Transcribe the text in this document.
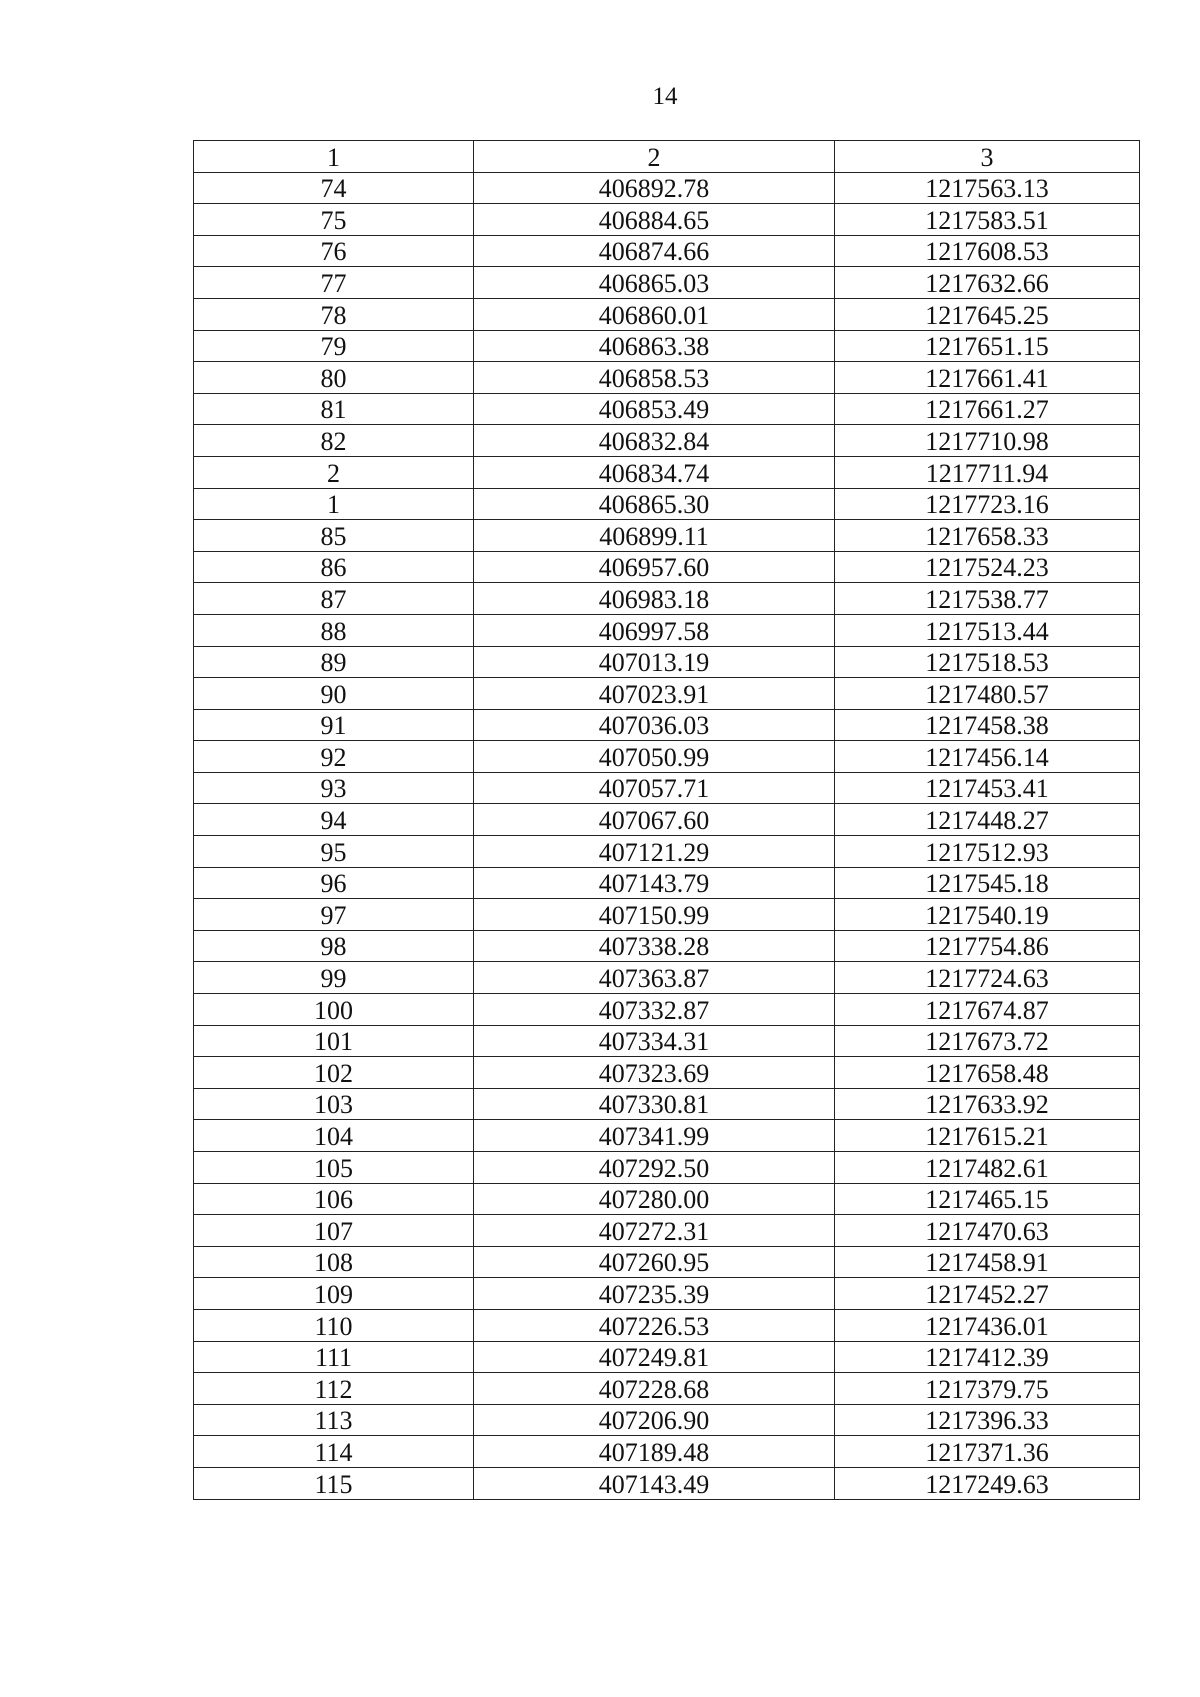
14
1	2	3
74	406892.78	1217563.13
75	406884.65	1217583.51
76	406874.66	1217608.53
77	406865.03	1217632.66
78	406860.01	1217645.25
79	406863.38	1217651.15
80	406858.53	1217661.41
81	406853.49	1217661.27
82	406832.84	1217710.98
2	406834.74	1217711.94
1	406865.30	1217723.16
85	406899.11	1217658.33
86	406957.60	1217524.23
87	406983.18	1217538.77
88	406997.58	1217513.44
89	407013.19	1217518.53
90	407023.91	1217480.57
91	407036.03	1217458.38
92	407050.99	1217456.14
93	407057.71	1217453.41
94	407067.60	1217448.27
95	407121.29	1217512.93
96	407143.79	1217545.18
97	407150.99	1217540.19
98	407338.28	1217754.86
99	407363.87	1217724.63
100	407332.87	1217674.87
101	407334.31	1217673.72
102	407323.69	1217658.48
103	407330.81	1217633.92
104	407341.99	1217615.21
105	407292.50	1217482.61
106	407280.00	1217465.15
107	407272.31	1217470.63
108	407260.95	1217458.91
109	407235.39	1217452.27
110	407226.53	1217436.01
111	407249.81	1217412.39
112	407228.68	1217379.75
113	407206.90	1217396.33
114	407189.48	1217371.36
115	407143.49	1217249.63
